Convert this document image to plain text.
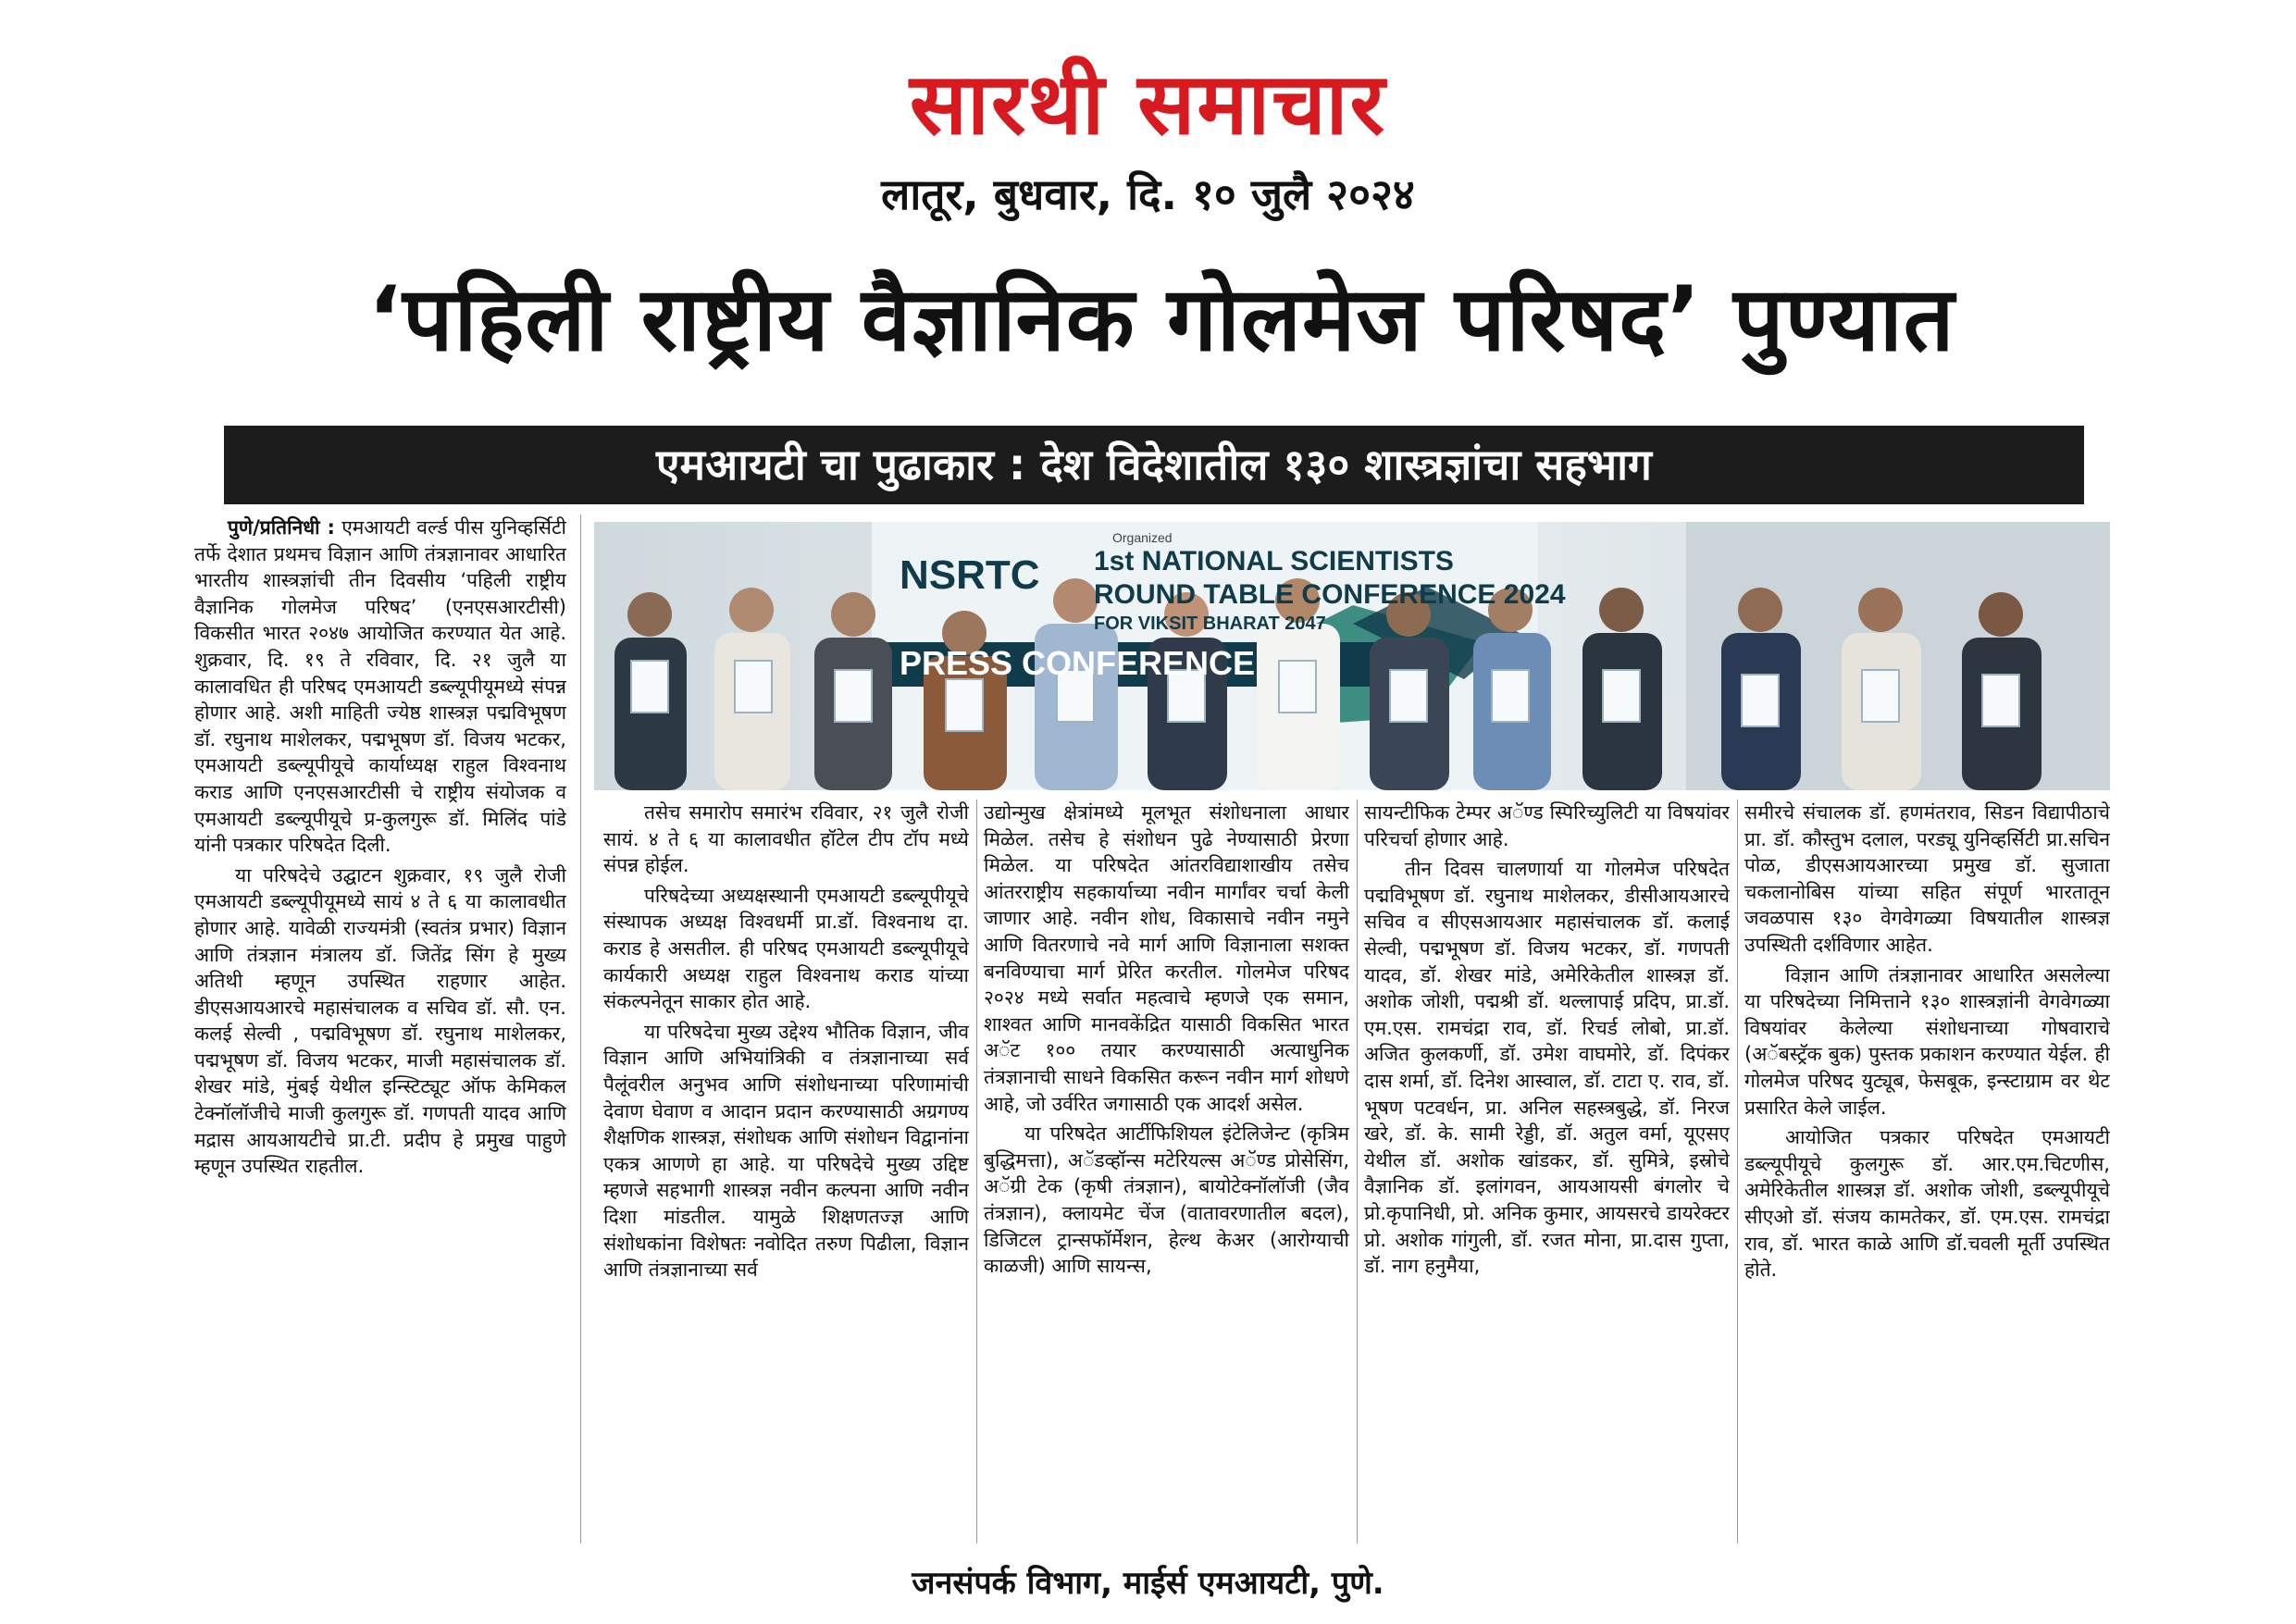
सारथी समाचार
लातूर, बुधवार, दि. १० जुलै २०२४
‘पहिली राष्ट्रीय वैज्ञानिक गोलमेज परिषद’ पुण्यात
एमआयटी चा पुढाकार : देश विदेशातील १३० शास्त्रज्ञांचा सहभाग

पुणे/प्रतिनिधी : एमआयटी वर्ल्ड पीस युनिव्हर्सिटी तर्फे देशात प्रथमच विज्ञान आणि तंत्रज्ञानावर आधारित भारतीय शास्त्रज्ञांची तीन दिवसीय ‘पहिली राष्ट्रीय वैज्ञानिक गोलमेज परिषद’ (एनएसआरटीसी) विकसीत भारत २०४७ आयोजित करण्यात येत आहे. शुक्रवार, दि. १९ ते रविवार, दि. २१ जुलै या कालावधित ही परिषद एमआयटी डब्ल्यूपीयूमध्ये संपन्न होणार आहे. अशी माहिती ज्येष्ठ शास्त्रज्ञ पद्मविभूषण डॉ. रघुनाथ माशेलकर, पद्मभूषण डॉ. विजय भटकर, एमआयटी डब्ल्यूपीयूचे कार्याध्यक्ष राहुल विश्वनाथ कराड आणि एनएसआरटीसी चे राष्ट्रीय संयोजक व एमआयटी डब्ल्यूपीयूचे प्र-कुलगुरू डॉ. मिलिंद पांडे यांनी पत्रकार परिषदेत दिली.

या परिषदेचे उद्घाटन शुक्रवार, १९ जुलै रोजी एमआयटी डब्ल्यूपीयूमध्ये सायं ४ ते ६ या कालावधीत होणार आहे. यावेळी राज्यमंत्री (स्वतंत्र प्रभार) विज्ञान आणि तंत्रज्ञान मंत्रालय डॉ. जितेंद्र सिंग हे मुख्य अतिथी म्हणून उपस्थित राहणार आहेत. डीएसआयआरचे महासंचालक व सचिव डॉ. सौ. एन. कलई सेल्वी , पद्मविभूषण डॉ. रघुनाथ माशेलकर, पद्मभूषण डॉ. विजय भटकर, माजी महासंचालक डॉ. शेखर मांडे, मुंबई येथील इन्स्टिट्यूट ऑफ केमिकल टेक्नॉलॉजीचे माजी कुलगुरू डॉ. गणपती यादव आणि मद्रास आयआयटीचे प्रा.टी. प्रदीप हे प्रमुख पाहुणे म्हणून उपस्थित राहतील.

Organized
NSRTC 1st NATIONAL SCIENTISTS
ROUND TABLE CONFERENCE 2024
FOR VIKSIT BHARAT 2047
PRESS CONFERENCE

तसेच समारोप समारंभ रविवार, २१ जुलै रोजी सायं. ४ ते ६ या कालावधीत हॉटेल टीप टॉप मध्ये संपन्न होईल.

परिषदेच्या अध्यक्षस्थानी एमआयटी डब्ल्यूपीयूचे संस्थापक अध्यक्ष विश्वधर्मी प्रा.डॉ. विश्वनाथ दा. कराड हे असतील. ही परिषद एमआयटी डब्ल्यूपीयूचे कार्यकारी अध्यक्ष राहुल विश्वनाथ कराड यांच्या संकल्पनेतून साकार होत आहे.

या परिषदेचा मुख्य उद्देश्य भौतिक विज्ञान, जीव विज्ञान आणि अभियांत्रिकी व तंत्रज्ञानाच्या सर्व पैलूंवरील अनुभव आणि संशोधनाच्या परिणामांची देवाण घेवाण व आदान प्रदान करण्यासाठी अग्रगण्य शैक्षणिक शास्त्रज्ञ, संशोधक आणि संशोधन विद्वानांना एकत्र आणणे हा आहे. या परिषदेचे मुख्य उद्दिष्ट म्हणजे सहभागी शास्त्रज्ञ नवीन कल्पना आणि नवीन दिशा मांडतील. यामुळे शिक्षणतज्ज्ञ आणि संशोधकांना विशेषतः नवोदित तरुण पिढीला, विज्ञान आणि तंत्रज्ञानाच्या सर्व

उद्योन्मुख क्षेत्रांमध्ये मूलभूत संशोधनाला आधार मिळेल. तसेच हे संशोधन पुढे नेण्यासाठी प्रेरणा मिळेल. या परिषदेत आंतरविद्याशाखीय तसेच आंतरराष्ट्रीय सहकार्याच्या नवीन मार्गांवर चर्चा केली जाणार आहे. नवीन शोध, विकासाचे नवीन नमुने आणि वितरणाचे नवे मार्ग आणि विज्ञानाला सशक्त बनविण्याचा मार्ग प्रेरित करतील. गोलमेज परिषद २०२४ मध्ये सर्वात महत्वाचे म्हणजे एक समान, शाश्वत आणि मानवकेंद्रित यासाठी विकसित भारत अॅट १०० तयार करण्यासाठी अत्याधुनिक तंत्रज्ञानाची साधने विकसित करून नवीन मार्ग शोधणे आहे, जो उर्वरित जगासाठी एक आदर्श असेल.

या परिषदेत आर्टीफिशियल इंटेलिजेन्ट (कृत्रिम बुद्धिमत्ता), अॅडव्हॉन्स मटेरियल्स अॅण्ड प्रोसेसिंग, अॅग्री टेक (कृषी तंत्रज्ञान), बायोटेक्नॉलॉजी (जैव तंत्रज्ञान), क्लायमेट चेंज (वातावरणातील बदल), डिजिटल ट्रान्सफॉर्मेशन, हेल्थ केअर (आरोग्याची काळजी) आणि सायन्स,

सायन्टीफिक टेम्पर अॅण्ड स्पिरिच्युलिटी या विषयांवर परिचर्चा होणार आहे.

तीन दिवस चालणार्या या गोलमेज परिषदेत पद्मविभूषण डॉ. रघुनाथ माशेलकर, डीसीआयआरचे सचिव व सीएसआयआर महासंचालक डॉ. कलाई सेल्वी, पद्मभूषण डॉ. विजय भटकर, डॉ. गणपती यादव, डॉ. शेखर मांडे, अमेरिकेतील शास्त्रज्ञ डॉ. अशोक जोशी, पद्मश्री डॉ. थल्लापाई प्रदिप, प्रा.डॉ. एम.एस. रामचंद्रा राव, डॉ. रिचर्ड लोबो, प्रा.डॉ. अजित कुलकर्णी, डॉ. उमेश वाघमोरे, डॉ. दिपंकर दास शर्मा, डॉ. दिनेश आस्वाल, डॉ. टाटा ए. राव, डॉ. भूषण पटवर्धन, प्रा. अनिल सहस्त्रबुद्धे, डॉ. निरज खरे, डॉ. के. सामी रेड्डी, डॉ. अतुल वर्मा, यूएसए येथील डॉ. अशोक खांडकर, डॉ. सुमित्रे, इस्रोचे वैज्ञानिक डॉ. इलांगवन, आयआयसी बंगलोर चे प्रो.कृपानिधी, प्रो. अनिक कुमार, आयसरचे डायरेक्टर प्रो. अशोक गांगुली, डॉ. रजत मोना, प्रा.दास गुप्ता, डॉ. नाग हनुमैया,

समीरचे संचालक डॉ. हणमंतराव, सिडन विद्यापीठाचे प्रा. डॉ. कौस्तुभ दलाल, परड्यू युनिव्हर्सिटी प्रा.सचिन पोळ, डीएसआयआरच्या प्रमुख डॉ. सुजाता चकलानोबिस यांच्या सहित संपूर्ण भारतातून जवळपास १३० वेगवेगळ्या विषयातील शास्त्रज्ञ उपस्थिती दर्शविणार आहेत.

विज्ञान आणि तंत्रज्ञानावर आधारित असलेल्या या परिषदेच्या निमित्ताने १३० शास्त्रज्ञांनी वेगवेगळ्या विषयांवर केलेल्या संशोधनाच्या गोषवाराचे (अॅबस्ट्रॅक बुक) पुस्तक प्रकाशन करण्यात येईल. ही गोलमेज परिषद युट्यूब, फेसबूक, इन्स्टाग्राम वर थेट प्रसारित केले जाईल.

आयोजित पत्रकार परिषदेत एमआयटी डब्ल्यूपीयूचे कुलगुरू डॉ. आर.एम.चिटणीस, अमेरिकेतील शास्त्रज्ञ डॉ. अशोक जोशी, डब्ल्यूपीयूचे सीएओ डॉ. संजय कामतेकर, डॉ. एम.एस. रामचंद्रा राव, डॉ. भारत काळे आणि डॉ.चवली मूर्ती उपस्थित होते.

जनसंपर्क विभाग, माईर्स एमआयटी, पुणे.
